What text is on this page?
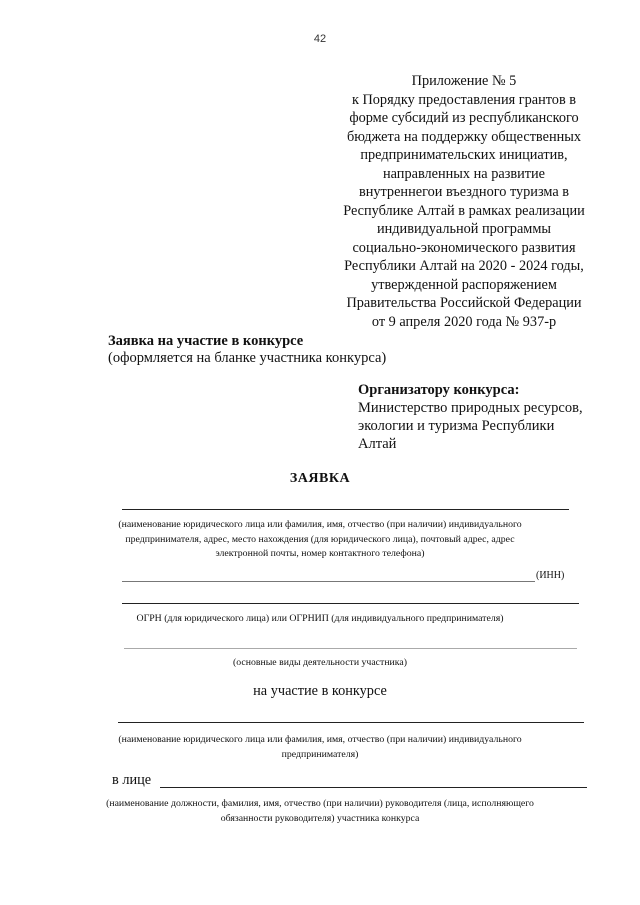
42
Приложение № 5
к Порядку предоставления грантов в
форме субсидий из республиканского
бюджета на поддержку общественных
предпринимательских инициатив,
направленных на развитие
внутреннегои въездного туризма в
Республике Алтай в рамках реализации
индивидуальной программы
социально-экономического развития
Республики Алтай на 2020 - 2024 годы,
утвержденной распоряжением
Правительства Российской Федерации
от 9 апреля 2020 года № 937-р
Заявка на участие в конкурсе
(оформляется на бланке участника конкурса)
Организатору конкурса:
Министерство природных ресурсов,
экологии и туризма Республики
Алтай
ЗАЯВКА
(наименование юридического лица или фамилия, имя, отчество (при наличии) индивидуального
предпринимателя, адрес, место нахождения (для юридического лица), почтовый адрес, адрес
электронной почты, номер контактного телефона)
(ИНН)
ОГРН (для юридического лица) или ОГРНИП (для индивидуального предпринимателя)
(основные виды деятельности участника)
на участие в конкурсе
(наименование юридического лица или фамилия, имя, отчество (при наличии) индивидуального
предпринимателя)
в лице
(наименование должности, фамилия, имя, отчество (при наличии) руководителя (лица, исполняющего
обязанности руководителя) участника конкурса
